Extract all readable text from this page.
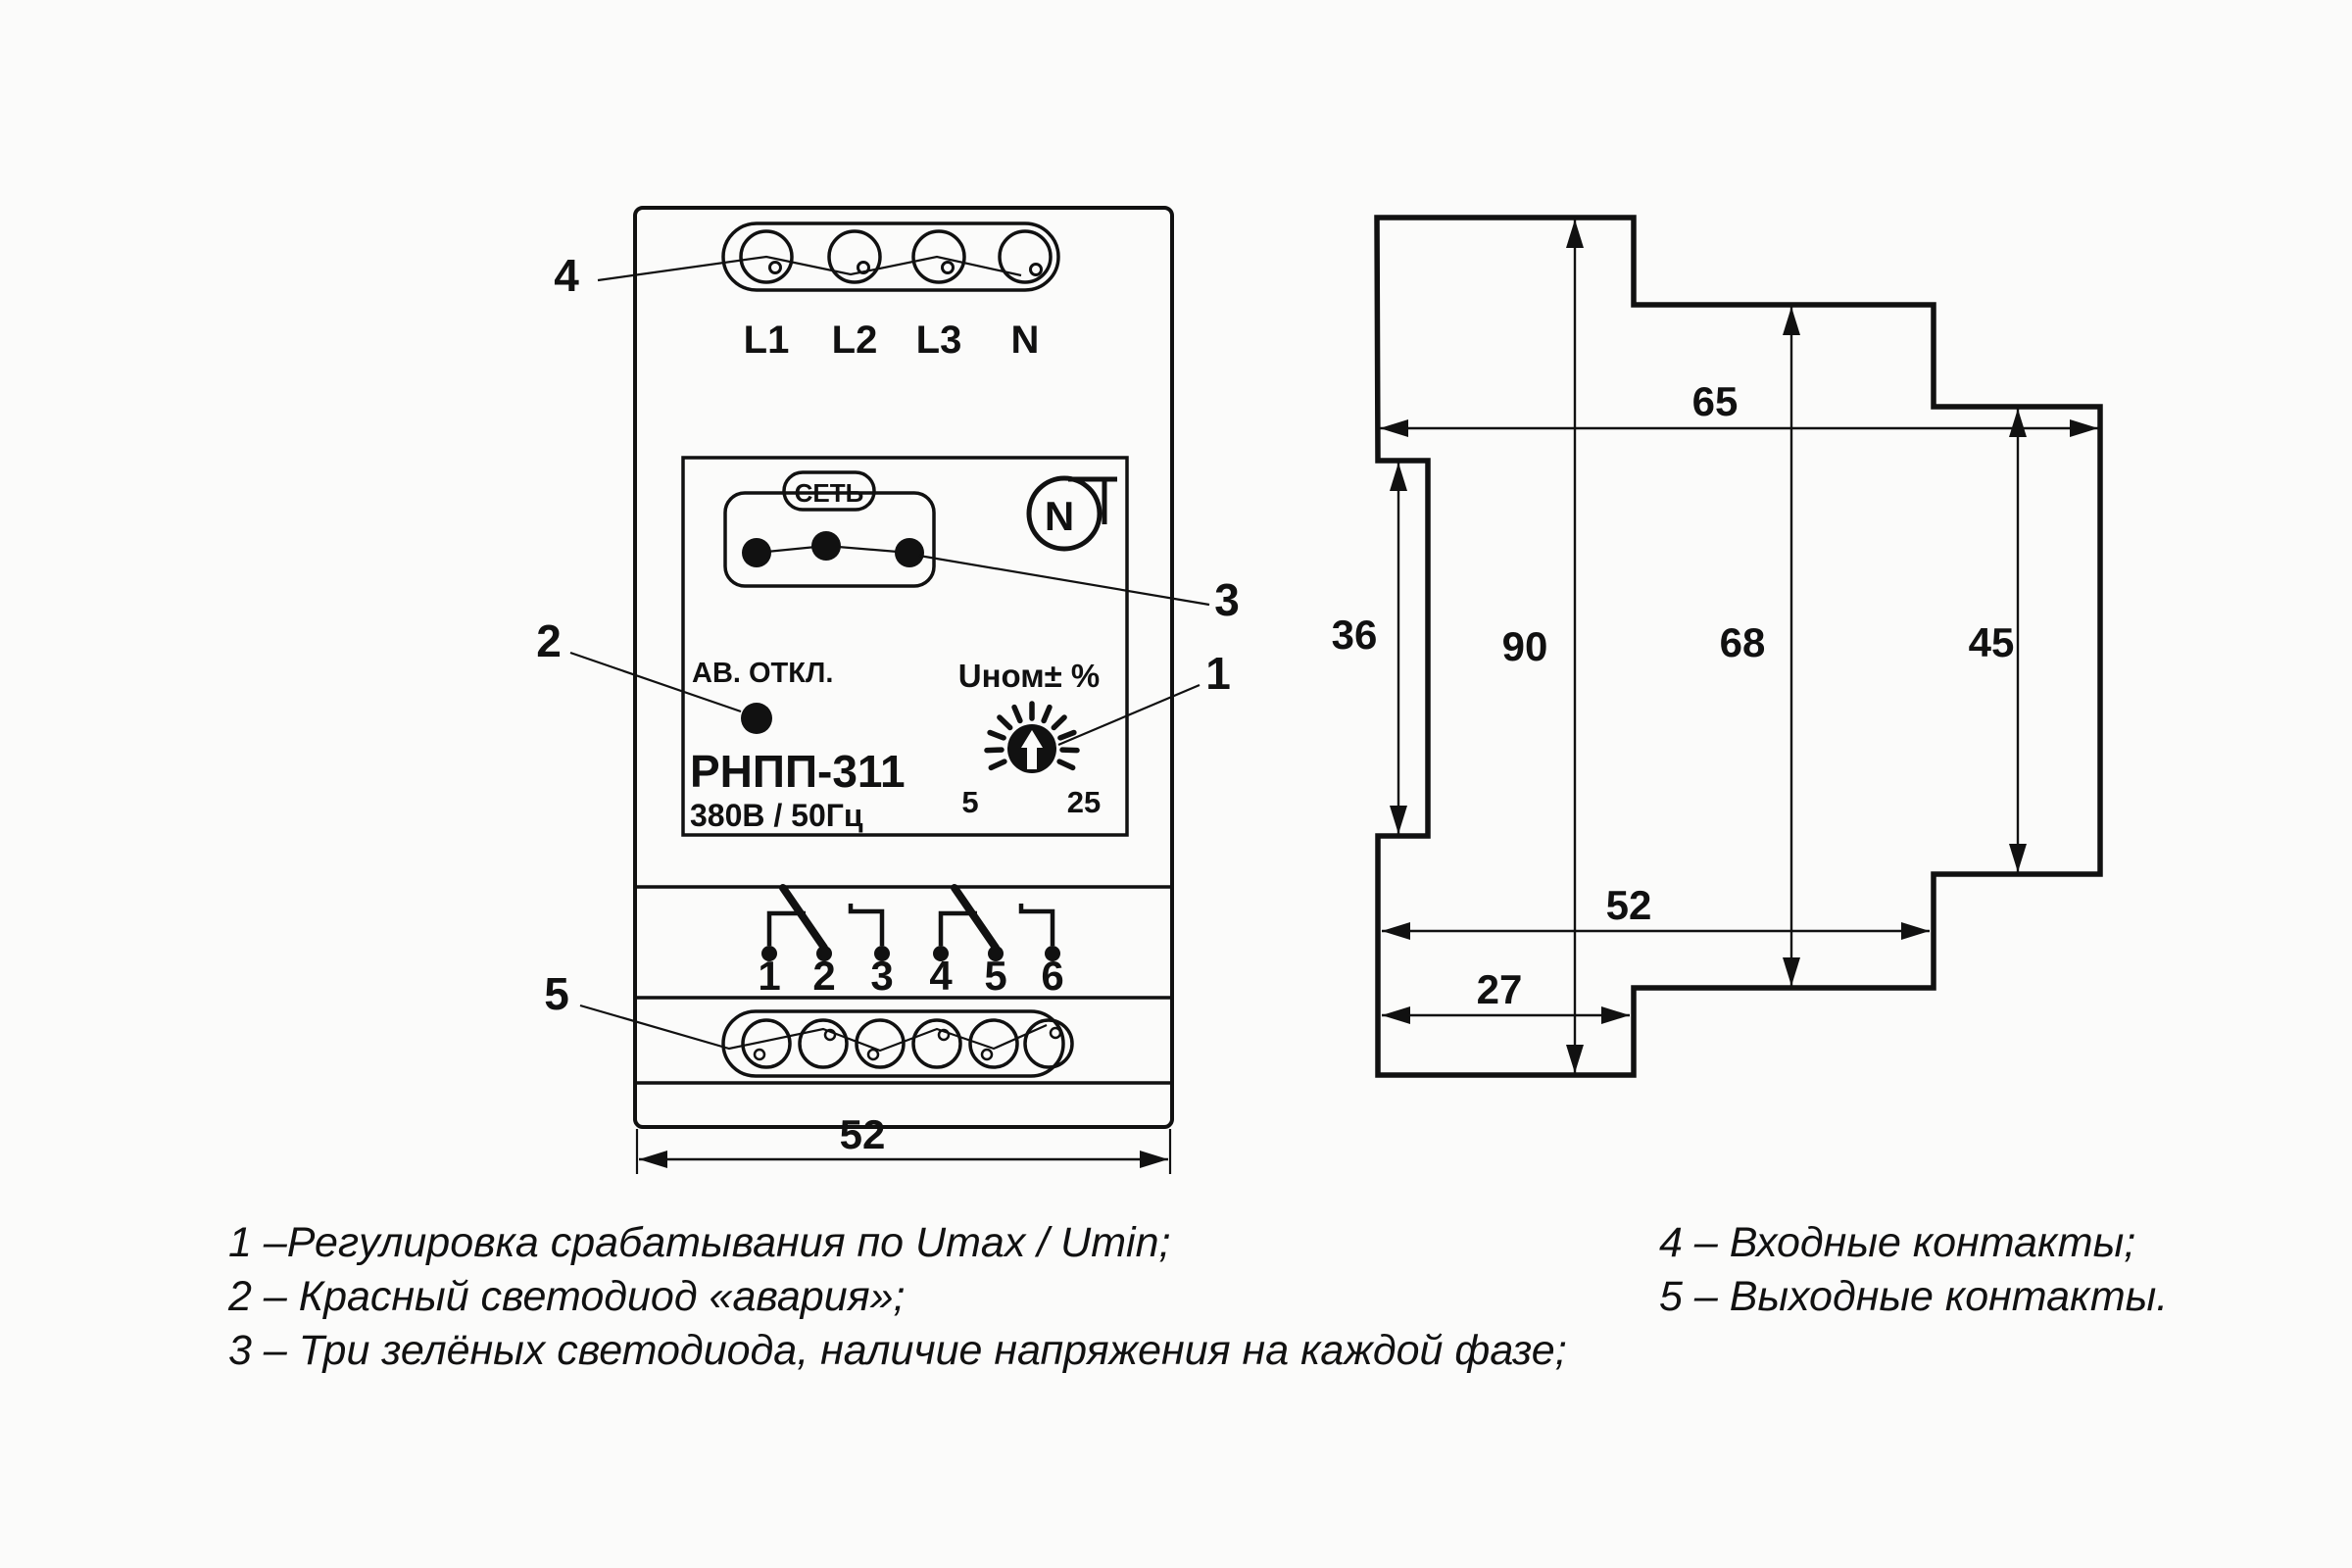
L1 L2 L3 N
СЕТЬ	N
АВ. ОТКЛ.
РНПП-311
380В / 50Гц
Uном± %
5	25
1 2 3 4 5 6
52
4
2
3
1
5
65
90	68	45
36
52
27
1 –Регулировка срабатывания по Umax / Umin;
2 – Красный светодиод «авария»;
3 – Три зелёных светодиода, наличие напряжения на каждой фазе;
4 – Входные контакты;
5 – Выходные контакты.
